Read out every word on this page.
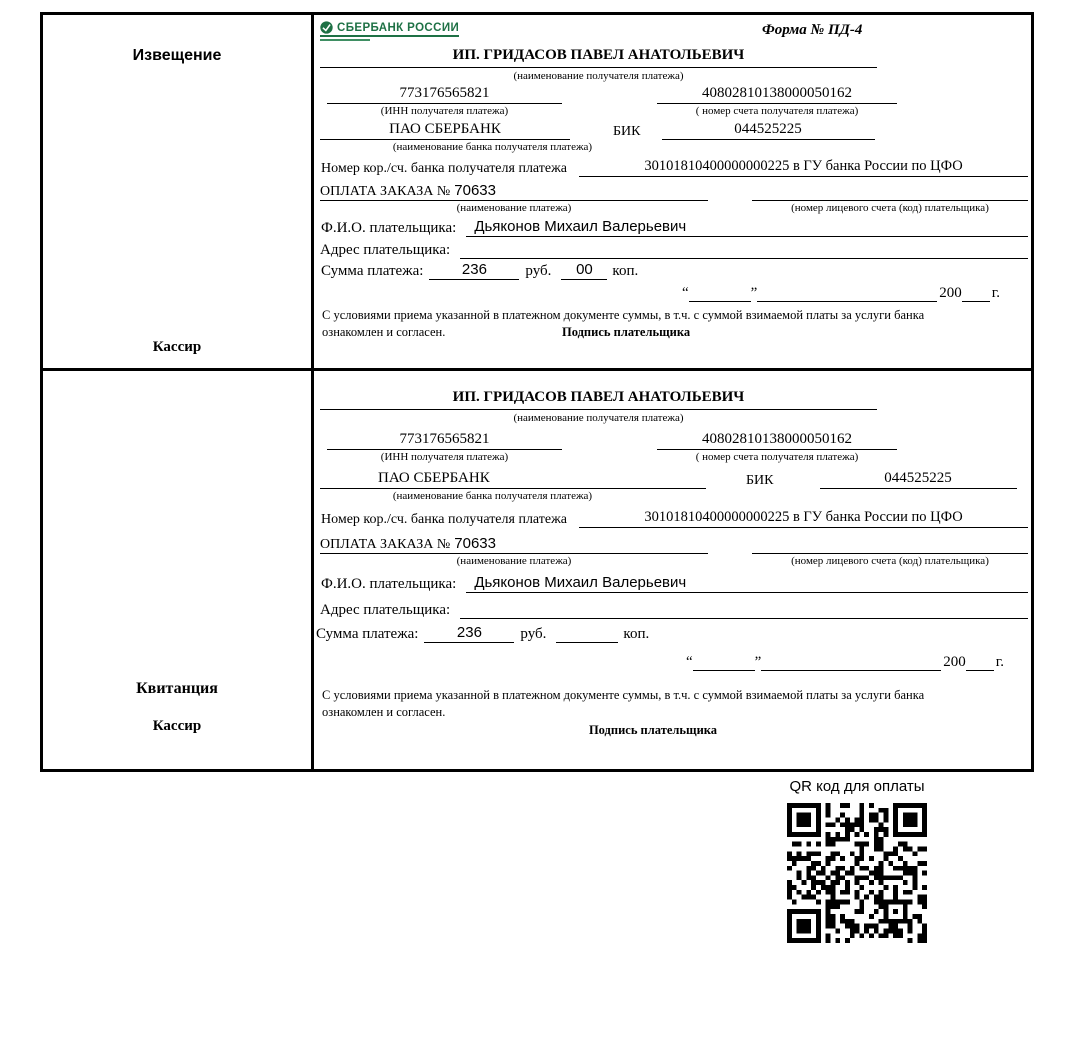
Извещение
Кассир
СБЕРБАНК РОССИИ	Форма № ПД-4
ИП. ГРИДАСОВ ПАВЕЛ АНАТОЛЬЕВИЧ
(наименование получателя платежа)
773176565821	40802810138000050162
(ИНН получателя платежа)	( номер счета получателя платежа)
ПАО СБЕРБАНК	БИК	044525225
(наименование банка получателя платежа)
Номер кор./сч. банка получателя платежа	30101810400000000225 в ГУ банка России по ЦФО
ОПЛАТА ЗАКАЗА № 70633

(наименование платежа)	(номер лицевого счета (код) плательщика)
Ф.И.О. плательщика:	Дьяконов Михаил Валерьевич
Адрес плательщика:

Сумма платежа:	236	руб.	00	коп.
“
	”
	200
г.
С условиями приема указанной в платежном документе суммы, в т.ч. с суммой взимаемой платы за услуги банка ознакомлен и согласен.	Подпись плательщика
Квитанция
Кассир
ИП. ГРИДАСОВ ПАВЕЛ АНАТОЛЬЕВИЧ
(наименование получателя платежа)
773176565821	40802810138000050162
(ИНН получателя платежа)	( номер счета получателя платежа)
ПАО СБЕРБАНК	БИК	044525225
(наименование банка получателя платежа)
Номер кор./сч. банка получателя платежа	30101810400000000225 в ГУ банка России по ЦФО
ОПЛАТА ЗАКАЗА № 70633

(наименование платежа)	(номер лицевого счета (код) плательщика)
Ф.И.О. плательщика:	Дьяконов Михаил Валерьевич
Адрес плательщика:

Сумма платежа:	236	руб.	коп.
“
	”
	200
г.
С условиями приема указанной в платежном документе суммы, в т.ч. с суммой взимаемой платы за услуги банка ознакомлен и согласен.
Подпись плательщика
QR код для оплаты
